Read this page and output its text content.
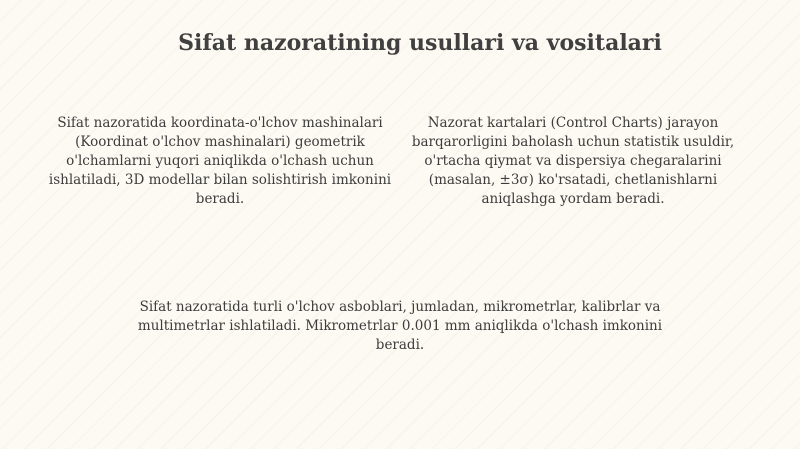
Sifat nazoratining usullari va vositalari
Sifat nazoratida koordinata-o'lchov mashinalari (Koordinat o'lchov mashinalari) geometrik o'lchamlarni yuqori aniqlikda o'lchash uchun ishlatiladi, 3D modellar bilan solishtirish imkonini beradi.
Nazorat kartalari (Control Charts) jarayon barqarorligini baholash uchun statistik usuldir, o'rtacha qiymat va dispersiya chegaralarini (masalan, ±3σ) ko'rsatadi, chetlanishlarni aniqlashga yordam beradi.
Sifat nazoratida turli o'lchov asboblari, jumladan, mikrometrlar, kalibrlar va multimetrlar ishlatiladi. Mikrometrlar 0.001 mm aniqlikda o'lchash imkonini beradi.
